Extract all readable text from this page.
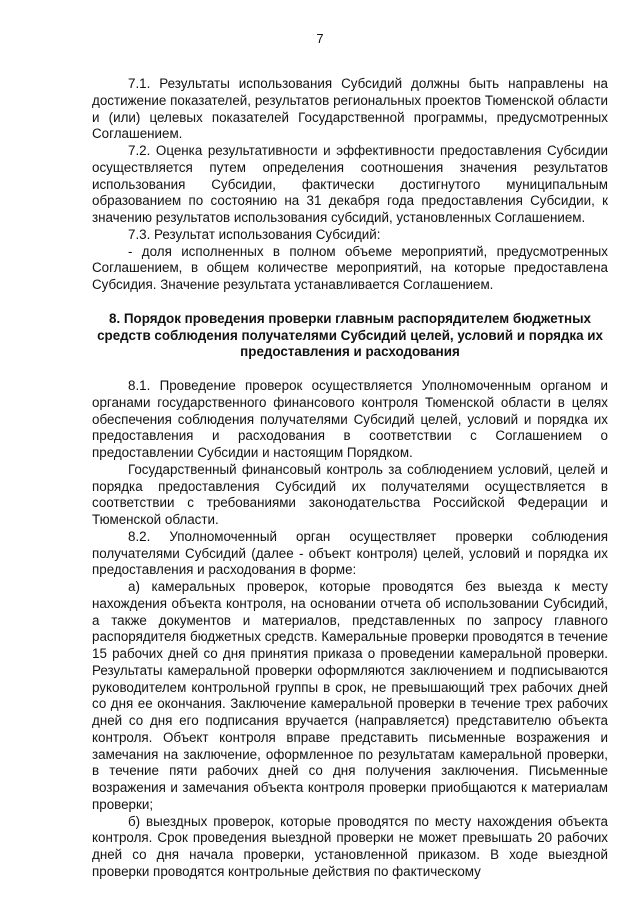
7

7.1. Результаты использования Субсидий должны быть направлены на достижение показателей, результатов региональных проектов Тюменской области и (или) целевых показателей Государственной программы, предусмотренных Соглашением.

7.2. Оценка результативности и эффективности предоставления Субсидии осуществляется путем определения соотношения значения результатов использования Субсидии, фактически достигнутого муниципальным образованием по состоянию на 31 декабря года предоставления Субсидии, к значению результатов использования субсидий, установленных Соглашением.

7.3. Результат использования Субсидий:

- доля исполненных в полном объеме мероприятий, предусмотренных Соглашением, в общем количестве мероприятий, на которые предоставлена Субсидия. Значение результата устанавливается Соглашением.

8. Порядок проведения проверки главным распорядителем бюджетных средств соблюдения получателями Субсидий целей, условий и порядка их предоставления и расходования

8.1. Проведение проверок осуществляется Уполномоченным органом и органами государственного финансового контроля Тюменской области в целях обеспечения соблюдения получателями Субсидий целей, условий и порядка их предоставления и расходования в соответствии с Соглашением о предоставлении Субсидии и настоящим Порядком.

Государственный финансовый контроль за соблюдением условий, целей и порядка предоставления Субсидий их получателями осуществляется в соответствии с требованиями законодательства Российской Федерации и Тюменской области.

8.2. Уполномоченный орган осуществляет проверки соблюдения получателями Субсидий (далее - объект контроля) целей, условий и порядка их предоставления и расходования в форме:

а) камеральных проверок, которые проводятся без выезда к месту нахождения объекта контроля, на основании отчета об использовании Субсидий, а также документов и материалов, представленных по запросу главного распорядителя бюджетных средств. Камеральные проверки проводятся в течение 15 рабочих дней со дня принятия приказа о проведении камеральной проверки. Результаты камеральной проверки оформляются заключением и подписываются руководителем контрольной группы в срок, не превышающий трех рабочих дней со дня ее окончания. Заключение камеральной проверки в течение трех рабочих дней со дня его подписания вручается (направляется) представителю объекта контроля. Объект контроля вправе представить письменные возражения и замечания на заключение, оформленное по результатам камеральной проверки, в течение пяти рабочих дней со дня получения заключения. Письменные возражения и замечания объекта контроля проверки приобщаются к материалам проверки;

б) выездных проверок, которые проводятся по месту нахождения объекта контроля. Срок проведения выездной проверки не может превышать 20 рабочих дней со дня начала проверки, установленной приказом. В ходе выездной проверки проводятся контрольные действия по фактическому
